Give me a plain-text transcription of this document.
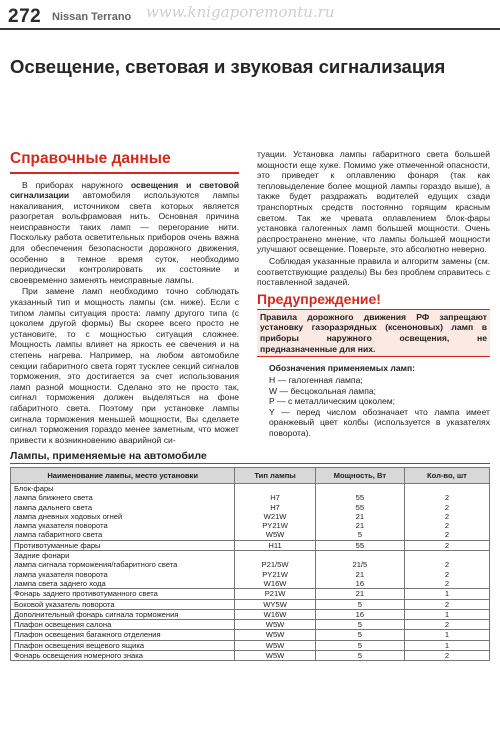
272 Nissan Terrano www.knigaporemontu.ru
Освещение, световая и звуковая сигнализация
Справочные данные

В приборах наружного освещения и световой сигнализации автомобиля используются лампы накаливания, источником света которых является разогретая вольфрамовая нить. Основная причина неисправности таких ламп — перегорание нити. Поскольку работа осветительных приборов очень важна для обеспечения безопасности дорожного движения, особенно в темное время суток, необходимо периодически контролировать их состояние и своевременно заменять неисправные лампы.

При замене ламп необходимо точно соблюдать указанный тип и мощность лампы (см. ниже). Если с типом лампы ситуация проста: лампу другого типа (с цоколем другой формы) Вы скорее всего просто не установите, то с мощностью ситуация сложнее. Мощность лампы влияет на яркость ее свечения и на степень нагрева. Например, на любом автомобиле секции габаритного света горят тусклее секций сигналов торможения, это достигается за счет использования ламп разной мощности. Сделано это не просто так, сигнал торможения должен выделяться на фоне габаритного света. Поэтому при установке лампы сигнала торможения меньшей мощности, Вы сделаете сигнал торможения гораздо менее заметным, что может привести к возникновению аварийной си-

туации. Установка лампы габаритного света большей мощности еще хуже. Помимо уже отмеченной опасности, это приведет к оплавлению фонаря (так как тепловыделение более мощной лампы гораздо выше), а также будет раздражать водителей едущих сзади транспортных средств постоянно горящим красным светом. Так же чревата оплавлением блок-фары установка галогенных ламп большей мощности. Очень распространено мнение, что лампы большей мощности улучшают освещение. Поверьте, это абсолютно неверно.

Соблюдая указанные правила и алгоритм замены (см. соответствующие разделы) Вы без проблем справитесь с поставленной задачей.

Предупреждение!
Правила дорожного движения РФ запрещают установку газоразрядных (ксеноновых) ламп в приборы наружного освещения, не предназначенные для них.
Обозначения применяемых ламп:
H — галогенная лампа;
W — бесцокольная лампа;
P — с металлическим цоколем;
Y — перед числом обозначает что лампа имеет оранжевый цвет колбы (используется в указателях поворота).
Лампы, применяемые на автомобиле
Наименование лампы, место установки	Тип лампы	Мощность, Вт	Кол-во, шт
Блок-фары			
лампа ближнего света	H7	55	2
лампа дальнего света	H7	55	2
лампа дневных ходовых огней	W21W	21	2
лампа указателя поворота	PY21W	21	2
лампа габаритного света	W5W	5	2
Противотуманные фары	H11	55	2
Задние фонари			
лампа сигнала торможения/габаритного света	P21/5W	21/5	2
лампа указателя поворота	PY21W	21	2
лампа света заднего хода	W16W	16	2
Фонарь заднего противотуманного света	P21W	21	1
Боковой указатель поворота	WY5W	5	2
Дополнительный фонарь сигнала торможения	W16W	16	1
Плафон освещения салона	W5W	5	2
Плафон освещения багажного отделения	W5W	5	1
Плафон освещения вещевого ящика	W5W	5	1
Фонарь освещения номерного знака	W5W	5	2
